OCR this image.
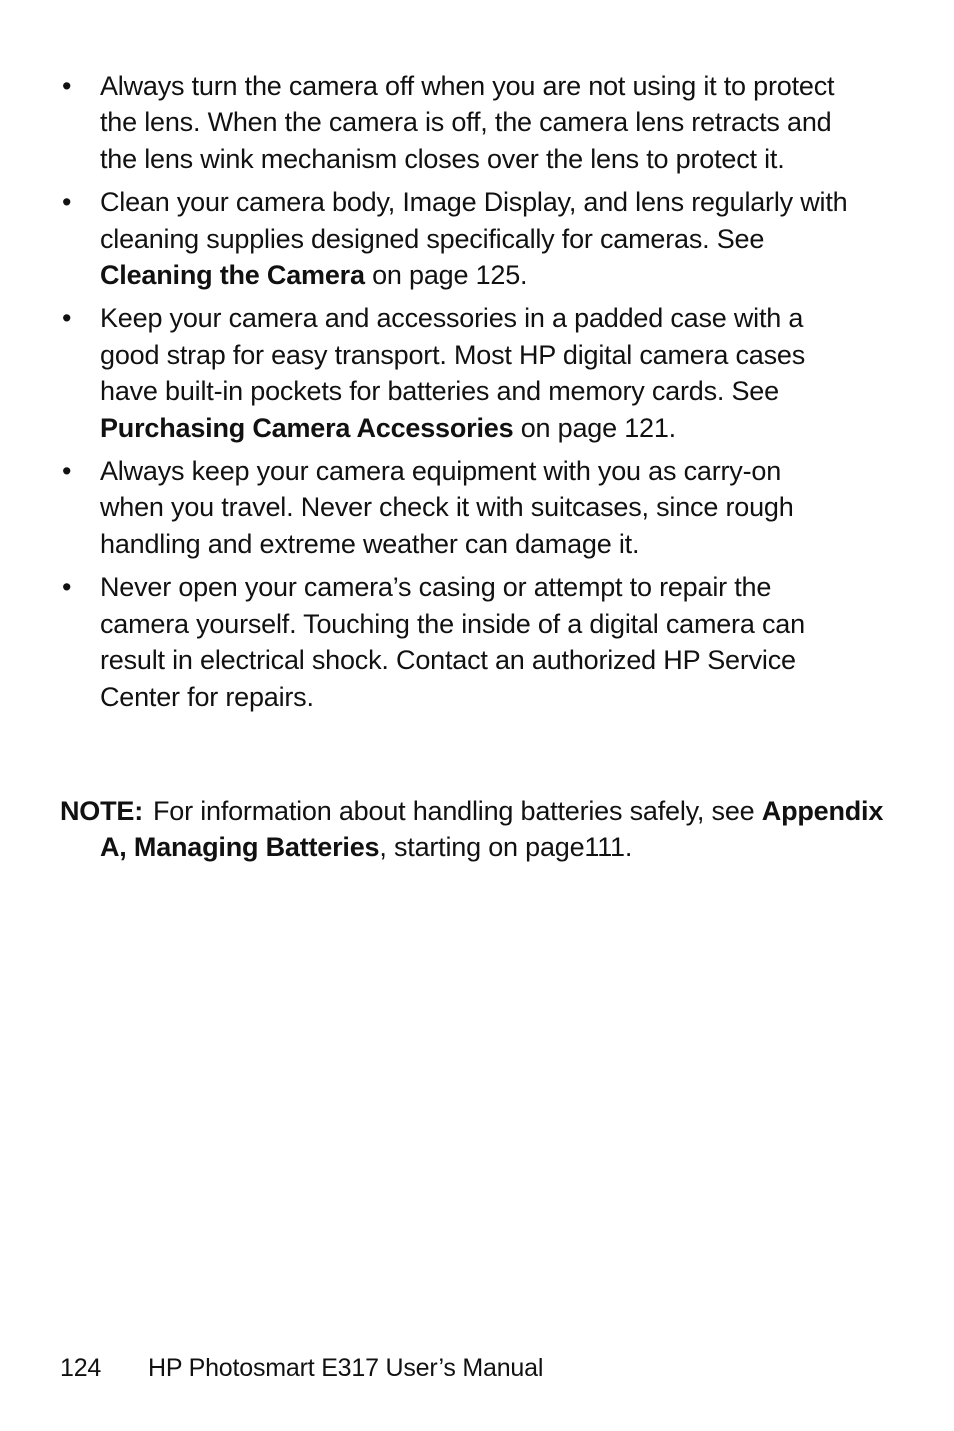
• Always turn the camera off when you are not using it to protect the lens. When the camera is off, the camera lens retracts and the lens wink mechanism closes over the lens to protect it.
• Clean your camera body, Image Display, and lens regularly with cleaning supplies designed specifically for cameras. See Cleaning the Camera on page 125.
• Keep your camera and accessories in a padded case with a good strap for easy transport. Most HP digital camera cases have built-in pockets for batteries and memory cards. See Purchasing Camera Accessories on page 121.
• Always keep your camera equipment with you as carry-on when you travel. Never check it with suitcases, since rough handling and extreme weather can damage it.
• Never open your camera’s casing or attempt to repair the camera yourself. Touching the inside of a digital camera can result in electrical shock. Contact an authorized HP Service Center for repairs.
NOTE: For information about handling batteries safely, see Appendix A, Managing Batteries, starting on page111.
124 HP Photosmart E317 User’s Manual
